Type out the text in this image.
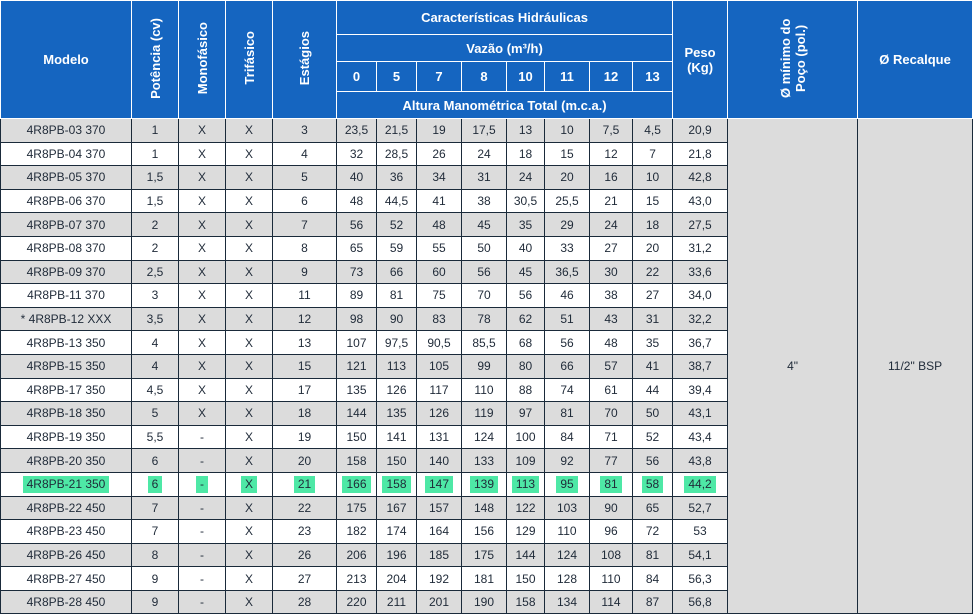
Modelo	Potência (cv)	Monofásico	Trifásico	Estágios	Características Hidráulicas								Peso (Kg)	Ø mínimo do Poço (pol.)	Ø Recalque
					Vazão (m³/h)										
					0	5	7	8	10	11	12	13			
					Altura Manométrica Total (m.c.a.)										
4R8PB-03 370	1	X	X	3	23,5	21,5	19	17,5	13	10	7,5	4,5	20,9	4"	11/2" BSP
4R8PB-04 370	1	X	X	4	32	28,5	26	24	18	15	12	7	21,8		
4R8PB-05 370	1,5	X	X	5	40	36	34	31	24	20	16	10	42,8		
4R8PB-06 370	1,5	X	X	6	48	44,5	41	38	30,5	25,5	21	15	43,0		
4R8PB-07 370	2	X	X	7	56	52	48	45	35	29	24	18	27,5		
4R8PB-08 370	2	X	X	8	65	59	55	50	40	33	27	20	31,2		
4R8PB-09 370	2,5	X	X	9	73	66	60	56	45	36,5	30	22	33,6		
4R8PB-11 370	3	X	X	11	89	81	75	70	56	46	38	27	34,0		
* 4R8PB-12 XXX	3,5	X	X	12	98	90	83	78	62	51	43	31	32,2		
4R8PB-13 350	4	X	X	13	107	97,5	90,5	85,5	68	56	48	35	36,7		
4R8PB-15 350	4	X	X	15	121	113	105	99	80	66	57	41	38,7		
4R8PB-17 350	4,5	X	X	17	135	126	117	110	88	74	61	44	39,4		
4R8PB-18 350	5	X	X	18	144	135	126	119	97	81	70	50	43,1		
4R8PB-19 350	5,5	-	X	19	150	141	131	124	100	84	71	52	43,4		
4R8PB-20 350	6	-	X	20	158	150	140	133	109	92	77	56	43,8		
4R8PB-21 350	6	-	X	21	166	158	147	139	113	95	81	58	44,2		
4R8PB-22 450	7	-	X	22	175	167	157	148	122	103	90	65	52,7		
4R8PB-23 450	7	-	X	23	182	174	164	156	129	110	96	72	53		
4R8PB-26 450	8	-	X	26	206	196	185	175	144	124	108	81	54,1		
4R8PB-27 450	9	-	X	27	213	204	192	181	150	128	110	84	56,3		
4R8PB-28 450	9	-	X	28	220	211	201	190	158	134	114	87	56,8		
